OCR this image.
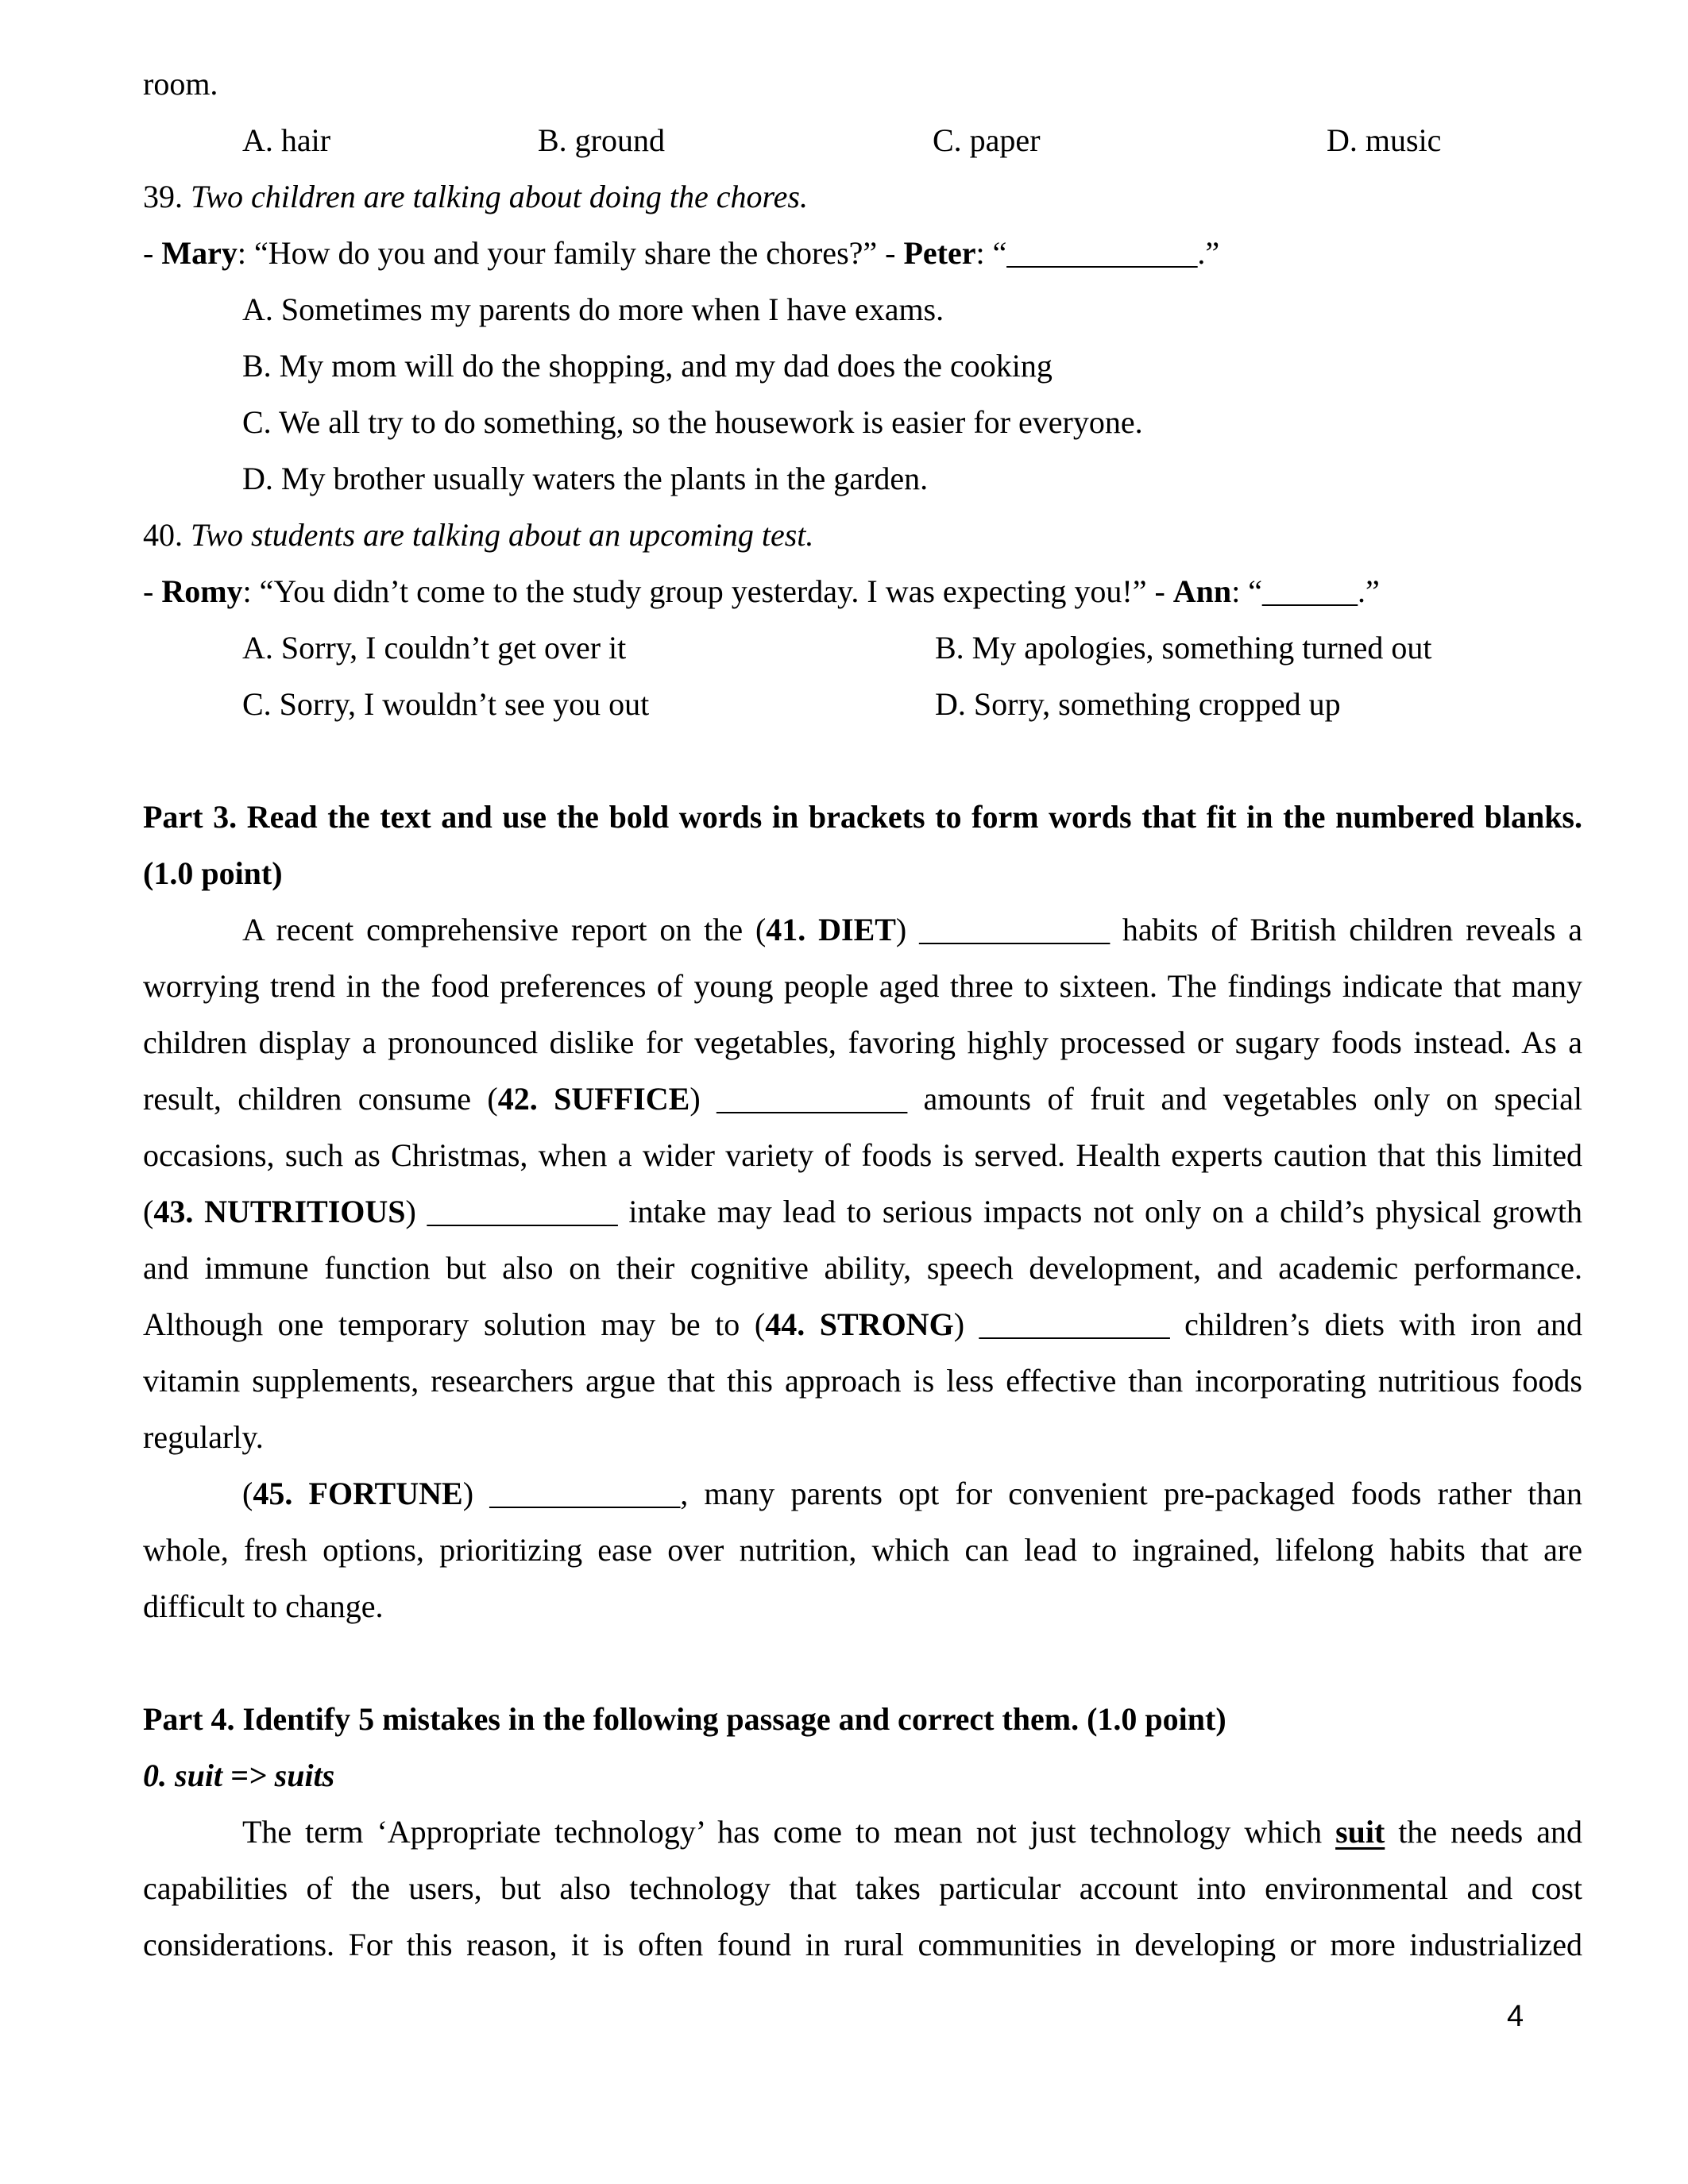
room.
A. hair	B. ground	C. paper	D. music
39. Two children are talking about doing the chores.
- Mary: “How do you and your family share the chores?” - Peter: “____________.”
A. Sometimes my parents do more when I have exams.
B. My mom will do the shopping, and my dad does the cooking
C. We all try to do something, so the housework is easier for everyone.
D. My brother usually waters the plants in the garden.
40. Two students are talking about an upcoming test.
- Romy: “You didn’t come to the study group yesterday. I was expecting you!” - Ann: “______.”
A. Sorry, I couldn’t get over it	B. My apologies, something turned out
C. Sorry, I wouldn’t see you out	D. Sorry, something cropped up
Part 3. Read the text and use the bold words in brackets to form words that fit in the numbered blanks.
(1.0 point)
A recent comprehensive report on the (41. DIET) ____________ habits of British children reveals a
worrying trend in the food preferences of young people aged three to sixteen. The findings indicate that many
children display a pronounced dislike for vegetables, favoring highly processed or sugary foods instead. As a
result, children consume (42. SUFFICE) ____________ amounts of fruit and vegetables only on special
occasions, such as Christmas, when a wider variety of foods is served. Health experts caution that this limited
(43. NUTRITIOUS) ____________ intake may lead to serious impacts not only on a child’s physical growth
and immune function but also on their cognitive ability, speech development, and academic performance.
Although one temporary solution may be to (44. STRONG) ____________ children’s diets with iron and
vitamin supplements, researchers argue that this approach is less effective than incorporating nutritious foods
regularly.
(45. FORTUNE) ____________, many parents opt for convenient pre-packaged foods rather than
whole, fresh options, prioritizing ease over nutrition, which can lead to ingrained, lifelong habits that are
difficult to change.
Part 4. Identify 5 mistakes in the following passage and correct them. (1.0 point)
0. suit => suits
The term ‘Appropriate technology’ has come to mean not just technology which suit the needs and
capabilities of the users, but also technology that takes particular account into environmental and cost
considerations. For this reason, it is often found in rural communities in developing or more industrialized
4
